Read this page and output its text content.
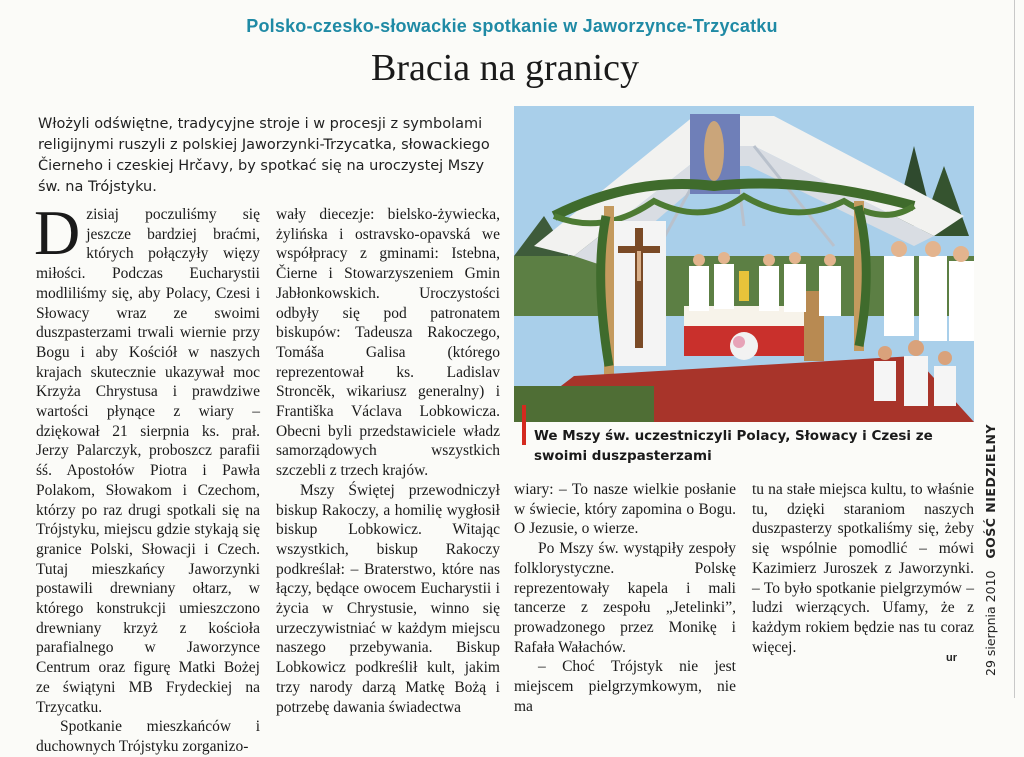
Polsko-czesko-słowackie spotkanie w Jaworzynce-Trzycatku
Bracia na granicy
Włożyli odświętne, tradycyjne stroje i w procesji z symbolami religijnymi ruszyli z polskiej Jaworzynki-Trzycatka, słowackiego Čierneho i czeskiej Hrčavy, by spotkać się na uroczystej Mszy św. na Trójstyku.

Dzisiaj poczuliśmy się jeszcze bardziej braćmi, których połączyły więzy miłości. Podczas Eucharystii modliliśmy się, aby Polacy, Czesi i Słowacy wraz ze swoimi duszpasterzami trwali wiernie przy Bogu i aby Kościół w naszych krajach skutecznie ukazywał moc Krzyża Chrystusa i prawdziwe wartości płynące z wiary – dziękował 21 sierpnia ks. prał. Jerzy Palarczyk, proboszcz parafii śś. Apostołów Piotra i Pawła Polakom, Słowakom i Czechom, którzy po raz drugi spotkali się na Trójstyku, miejscu gdzie stykają się granice Polski, Słowacji i Czech. Tutaj mieszkańcy Jaworzynki postawili drewniany ołtarz, w którego konstrukcji umieszczono drewniany krzyż z kościoła parafialnego w Jaworzynce Centrum oraz figurę Matki Bożej ze świątyni MB Frydeckiej na Trzycatku.

Spotkanie mieszkańców i duchownych Trójstyku zorganizo-

wały diecezje: bielsko-żywiecka, żylińska i ostravsko-opavská we współpracy z gminami: Istebna, Čierne i Stowarzyszeniem Gmin Jabłonkowskich. Uroczystości odbyły się pod patronatem biskupów: Tadeusza Rakoczego, Tomáša Galisa (którego reprezentował ks. Ladislav Stroncĕk, wikariusz generalny) i Františka Václava Lobkowicza. Obecni byli przedstawiciele władz samorządowych wszystkich szczebli z trzech krajów.

Mszy Świętej przewodniczył biskup Rakoczy, a homilię wygłosił biskup Lobkowicz. Witając wszystkich, biskup Rakoczy podkreślał: – Braterstwo, które nas łączy, będące owocem Eucharystii i życia w Chrystusie, winno się urzeczywistniać w każdym miejscu naszego przebywania. Biskup Lobkowicz podkreślił kult, jakim trzy narody darzą Matkę Bożą i potrzebę dawania świadectwa

We Mszy św. uczestniczyli Polacy, Słowacy i Czesi ze swoimi duszpasterzami

wiary: – To nasze wielkie posłanie w świecie, który zapomina o Bogu. O Jezusie, o wierze.

Po Mszy św. wystąpiły zespoły folklorystyczne. Polskę reprezentowały kapela i mali tancerze z zespołu „Jetelinki”, prowadzonego przez Monikę i Rafała Wałachów.

– Choć Trójstyk nie jest miejscem pielgrzymkowym, nie ma

tu na stałe miejsca kultu, to właśnie tu, dzięki staraniom naszych duszpasterzy spotkaliśmy się, żeby się wspólnie pomodlić – mówi Kazimierz Juroszek z Jaworzynki. – To było spotkanie pielgrzymów – ludzi wierzących. Ufamy, że z każdym rokiem będzie nas tu coraz więcej.	29 sierpnia 2010   GOŚĆ NIEDZIELNY
ur
